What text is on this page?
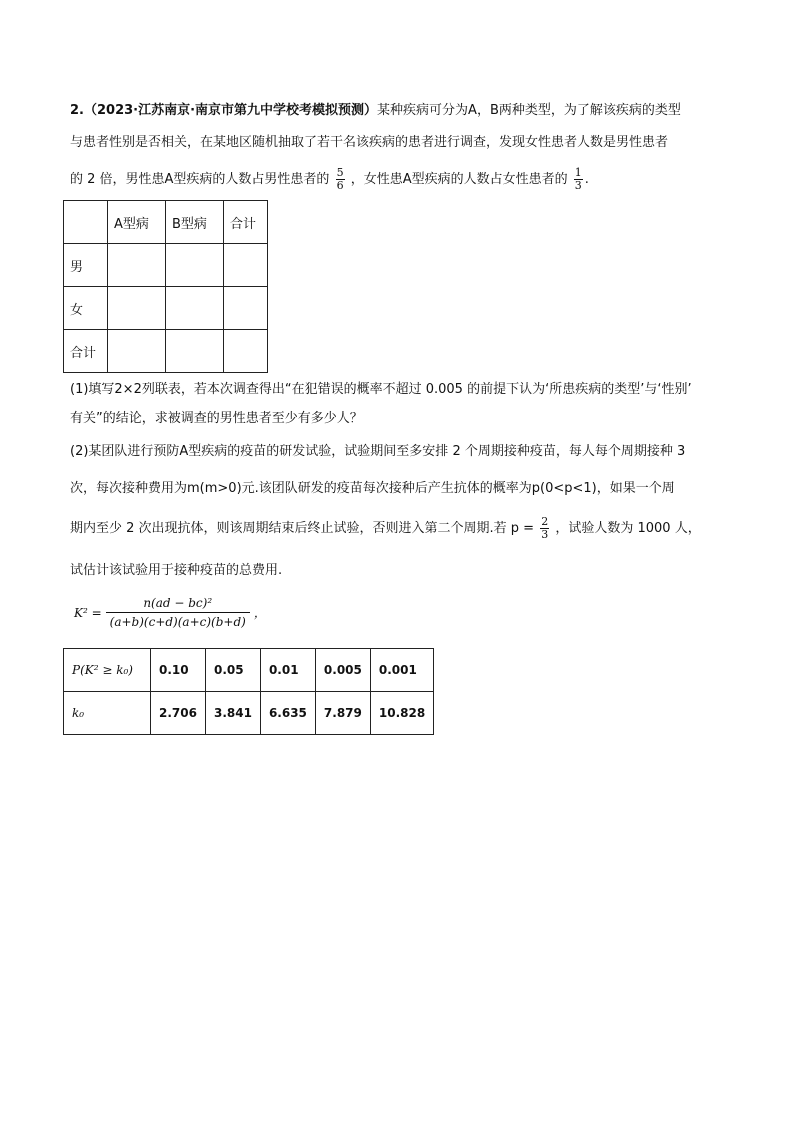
2.（2023·江苏南京·南京市第九中学校考模拟预测）某种疾病可分为A，B两种类型，为了解该疾病的类型
与患者性别是否相关，在某地区随机抽取了若干名该疾病的患者进行调查，发现女性患者人数是男性患者
的 2 倍，男性患A型疾病的人数占男性患者的 $\frac{5}{6}$ ，女性患A型疾病的人数占女性患者的 $\frac{1}{3}$ .
	A型病	B型病	合计
男			
女			
合计			
(1)填写2×2列联表，若本次调查得出“在犯错误的概率不超过 0.005 的前提下认为‘所患疾病的类型’与‘性别’
有关”的结论，求被调查的男性患者至少有多少人？
(2)某团队进行预防A型疾病的疫苗的研发试验，试验期间至多安排 2 个周期接种疫苗，每人每个周期接种 3
次，每次接种费用为m(m>0)元.该团队研发的疫苗每次接种后产生抗体的概率为p(0<p<1)，如果一个周
期内至少 2 次出现抗体，则该周期结束后终止试验，否则进入第二个周期.若 $p = \frac{2}{3}$ ，试验人数为 1000 人，
试估计该试验用于接种疫苗的总费用.
$K^2 = \frac{\text{n(ad − bc)²}}{(a+b)(c+d)(a+c)(b+d)}$ ，
P(K² ≥ k₀)	0.10	0.05	0.01	0.005	0.001
k₀	2.706	3.841	6.635	7.879	10.828
